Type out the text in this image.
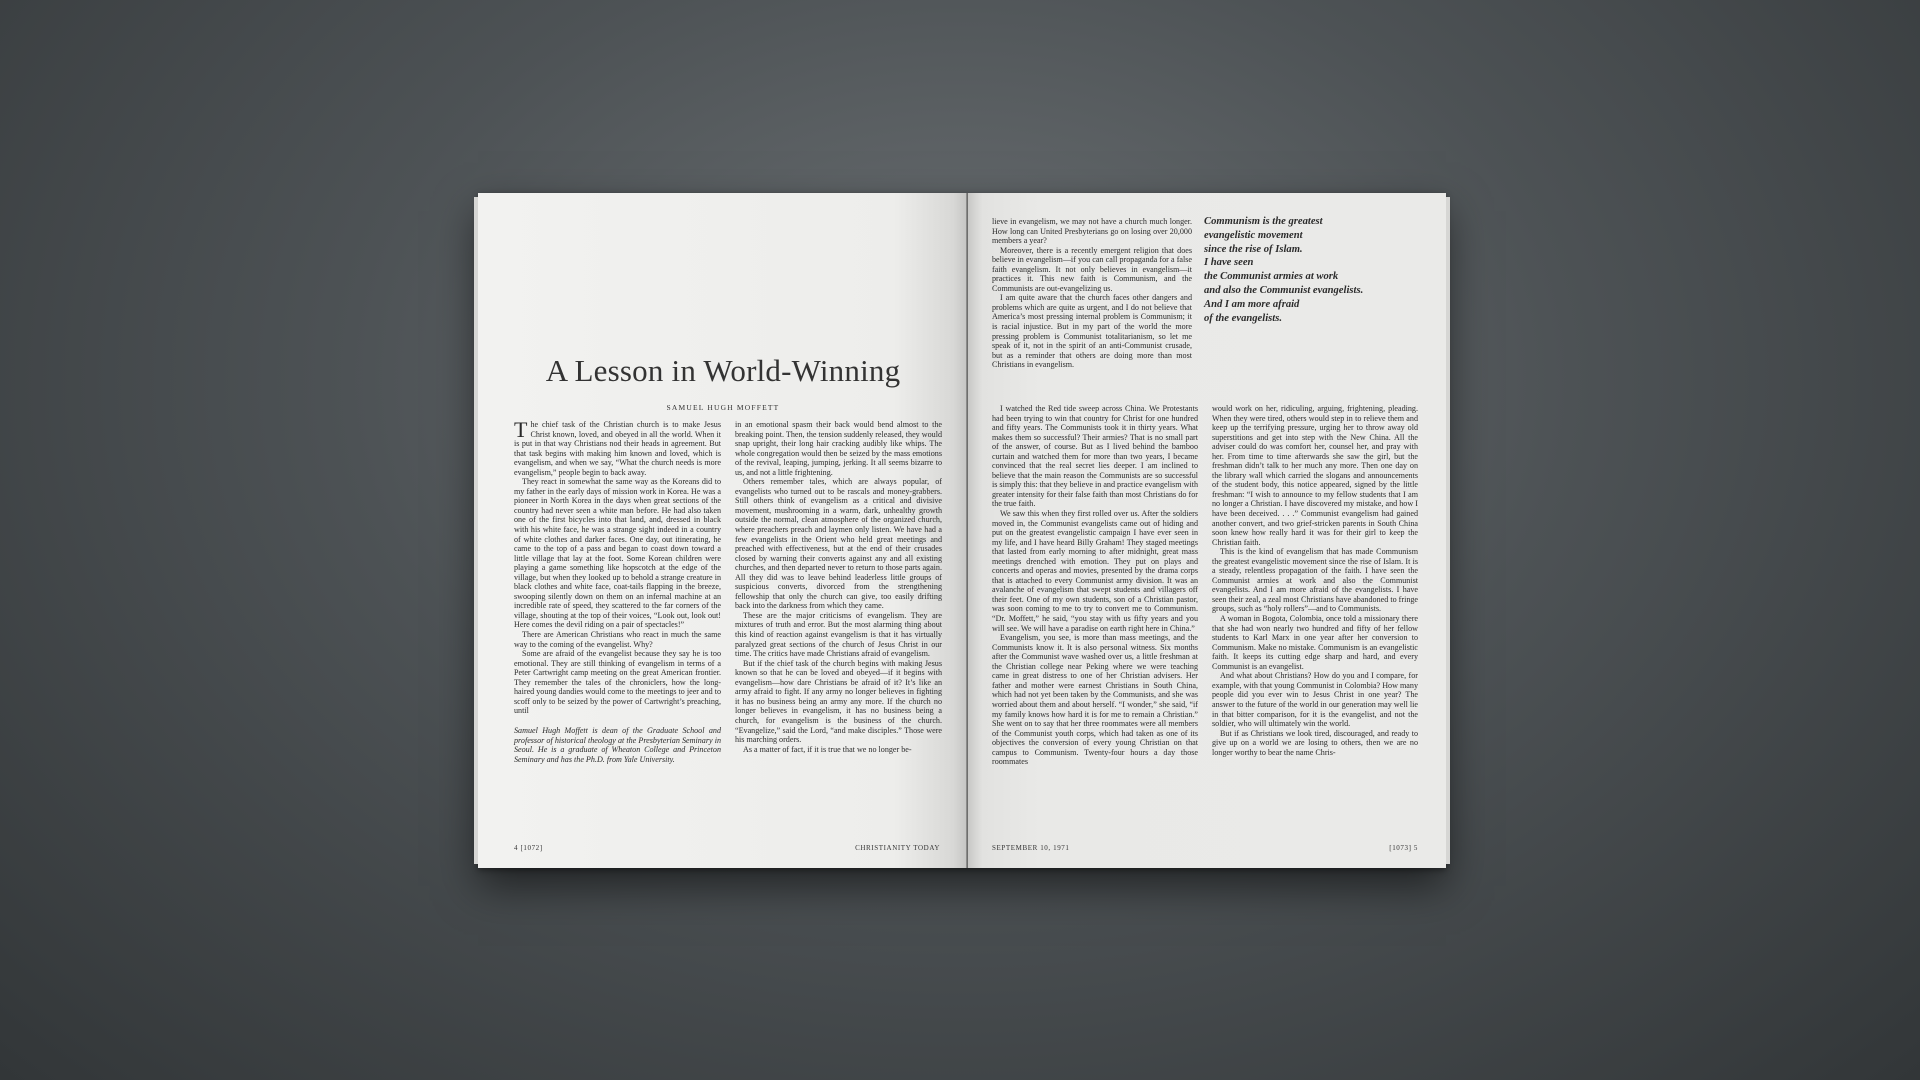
A Lesson in World-Winning
SAMUEL HUGH MOFFETT

The chief task of the Christian church is to make Jesus Christ known, loved, and obeyed in all the world. When it is put in that way Christians nod their heads in agreement. But that task begins with making him known and loved, which is evangelism, and when we say, “What the church needs is more evangelism,” people begin to back away.

They react in somewhat the same way as the Koreans did to my father in the early days of mission work in Korea. He was a pioneer in North Korea in the days when great sections of the country had never seen a white man before. He had also taken one of the first bicycles into that land, and, dressed in black with his white face, he was a strange sight indeed in a country of white clothes and darker faces. One day, out itinerating, he came to the top of a pass and began to coast down toward a little village that lay at the foot. Some Korean children were playing a game something like hopscotch at the edge of the village, but when they looked up to behold a strange creature in black clothes and white face, coat-tails flapping in the breeze, swooping silently down on them on an infernal machine at an incredible rate of speed, they scattered to the far corners of the village, shouting at the top of their voices, “Look out, look out! Here comes the devil riding on a pair of spectacles!”

There are American Christians who react in much the same way to the coming of the evangelist. Why?

Some are afraid of the evangelist because they say he is too emotional. They are still thinking of evangelism in terms of a Peter Cartwright camp meeting on the great American frontier. They remember the tales of the chroniclers, how the long-haired young dandies would come to the meetings to jeer and to scoff only to be seized by the power of Cartwright’s preaching, until

Samuel Hugh Moffett is dean of the Graduate School and professor of historical theology at the Presbyterian Seminary in Seoul. He is a graduate of Wheaton College and Princeton Seminary and has the Ph.D. from Yale University.

in an emotional spasm their back would bend almost to the breaking point. Then, the tension suddenly released, they would snap upright, their long hair cracking audibly like whips. The whole congregation would then be seized by the mass emotions of the revival, leaping, jumping, jerking. It all seems bizarre to us, and not a little frightening.

Others remember tales, which are always popular, of evangelists who turned out to be rascals and money-grabbers. Still others think of evangelism as a critical and divisive movement, mushrooming in a warm, dark, unhealthy growth outside the normal, clean atmosphere of the organized church, where preachers preach and laymen only listen. We have had a few evangelists in the Orient who held great meetings and preached with effectiveness, but at the end of their crusades closed by warning their converts against any and all existing churches, and then departed never to return to those parts again. All they did was to leave behind leaderless little groups of suspicious converts, divorced from the strengthening fellowship that only the church can give, too easily drifting back into the darkness from which they came.

These are the major criticisms of evangelism. They are mixtures of truth and error. But the most alarming thing about this kind of reaction against evangelism is that it has virtually paralyzed great sections of the church of Jesus Christ in our time. The critics have made Christians afraid of evangelism.

But if the chief task of the church begins with making Jesus known so that he can be loved and obeyed—if it begins with evangelism—how dare Christians be afraid of it? It’s like an army afraid to fight. If any army no longer believes in fighting it has no business being an army any more. If the church no longer believes in evangelism, it has no business being a church, for evangelism is the business of the church. “Evangelize,” said the Lord, “and make disciples.” Those were his marching orders.

As a matter of fact, if it is true that we no longer be-

4 [1072]	CHRISTIANITY TODAY

lieve in evangelism, we may not have a church much longer. How long can United Presbyterians go on losing over 20,000 members a year?

Moreover, there is a recently emergent religion that does believe in evangelism—if you can call propaganda for a false faith evangelism. It not only believes in evangelism—it practices it. This new faith is Communism, and the Communists are out-evangelizing us.

I am quite aware that the church faces other dangers and problems which are quite as urgent, and I do not believe that America’s most pressing internal problem is Communism; it is racial injustice. But in my part of the world the more pressing problem is Communist totalitarianism, so let me speak of it, not in the spirit of an anti-Communist crusade, but as a reminder that others are doing more than most Christians in evangelism.

Communism is the greatest
evangelistic movement
since the rise of Islam.
I have seen
the Communist armies at work
and also the Communist evangelists.
And I am more afraid
of the evangelists.

I watched the Red tide sweep across China. We Protestants had been trying to win that country for Christ for one hundred and fifty years. The Communists took it in thirty years. What makes them so successful? Their armies? That is no small part of the answer, of course. But as I lived behind the bamboo curtain and watched them for more than two years, I became convinced that the real secret lies deeper. I am inclined to believe that the main reason the Communists are so successful is simply this: that they believe in and practice evangelism with greater intensity for their false faith than most Christians do for the true faith.

We saw this when they first rolled over us. After the soldiers moved in, the Communist evangelists came out of hiding and put on the greatest evangelistic campaign I have ever seen in my life, and I have heard Billy Graham! They staged meetings that lasted from early morning to after midnight, great mass meetings drenched with emotion. They put on plays and concerts and operas and movies, presented by the drama corps that is attached to every Communist army division. It was an avalanche of evangelism that swept students and villagers off their feet. One of my own students, son of a Christian pastor, was soon coming to me to try to convert me to Communism. “Dr. Moffett,” he said, “you stay with us fifty years and you will see. We will have a paradise on earth right here in China.”

Evangelism, you see, is more than mass meetings, and the Communists know it. It is also personal witness. Six months after the Communist wave washed over us, a little freshman at the Christian college near Peking where we were teaching came in great distress to one of her Christian advisers. Her father and mother were earnest Christians in South China, which had not yet been taken by the Communists, and she was worried about them and about herself. “I wonder,” she said, “if my family knows how hard it is for me to remain a Christian.” She went on to say that her three roommates were all members of the Communist youth corps, which had taken as one of its objectives the conversion of every young Christian on that campus to Communism. Twenty-four hours a day those roommates

would work on her, ridiculing, arguing, frightening, pleading. When they were tired, others would step in to relieve them and keep up the terrifying pressure, urging her to throw away old superstitions and get into step with the New China. All the adviser could do was comfort her, counsel her, and pray with her. From time to time afterwards she saw the girl, but the freshman didn’t talk to her much any more. Then one day on the library wall which carried the slogans and announcements of the student body, this notice appeared, signed by the little freshman: “I wish to announce to my fellow students that I am no longer a Christian. I have discovered my mistake, and how I have been deceived. . . .” Communist evangelism had gained another convert, and two grief-stricken parents in South China soon knew how really hard it was for their girl to keep the Christian faith.

This is the kind of evangelism that has made Communism the greatest evangelistic movement since the rise of Islam. It is a steady, relentless propagation of the faith. I have seen the Communist armies at work and also the Communist evangelists. And I am more afraid of the evangelists. I have seen their zeal, a zeal most Christians have abandoned to fringe groups, such as “holy rollers”—and to Communists.

A woman in Bogota, Colombia, once told a missionary there that she had won nearly two hundred and fifty of her fellow students to Karl Marx in one year after her conversion to Communism. Make no mistake. Communism is an evangelistic faith. It keeps its cutting edge sharp and hard, and every Communist is an evangelist.

And what about Christians? How do you and I compare, for example, with that young Communist in Colombia? How many people did you ever win to Jesus Christ in one year? The answer to the future of the world in our generation may well lie in that bitter comparison, for it is the evangelist, and not the soldier, who will ultimately win the world.

But if as Christians we look tired, discouraged, and ready to give up on a world we are losing to others, then we are no longer worthy to bear the name Chris-

SEPTEMBER 10, 1971	[1073] 5
